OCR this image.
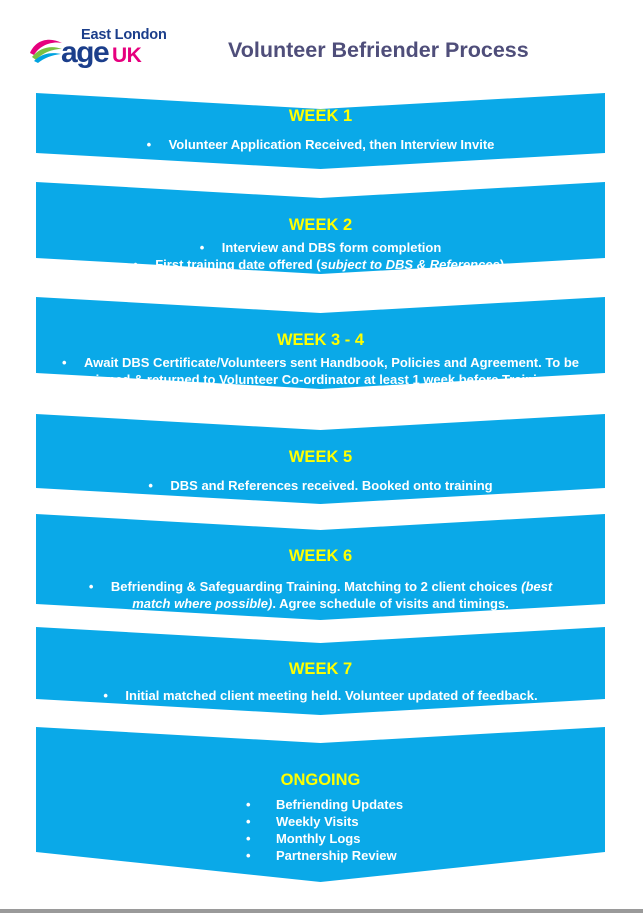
East London
age UK	Volunteer Befriender Process
WEEK 1
• Volunteer Application Received, then Interview Invite
WEEK 2
• Interview and DBS form completion
• First training date offered (subject to DBS & References).
WEEK 3 - 4
• Await DBS Certificate/Volunteers sent Handbook, Policies and Agreement. To be
signed & returned to Volunteer Co-ordinator at least 1 week before Training
WEEK 5
• DBS and References received. Booked onto training
WEEK 6
• Befriending & Safeguarding Training. Matching to 2 client choices (best
match where possible). Agree schedule of visits and timings.
WEEK 7
• Initial matched client meeting held. Volunteer updated of feedback.
ONGOING
• Befriending Updates
• Weekly Visits
• Monthly Logs
• Partnership Review
